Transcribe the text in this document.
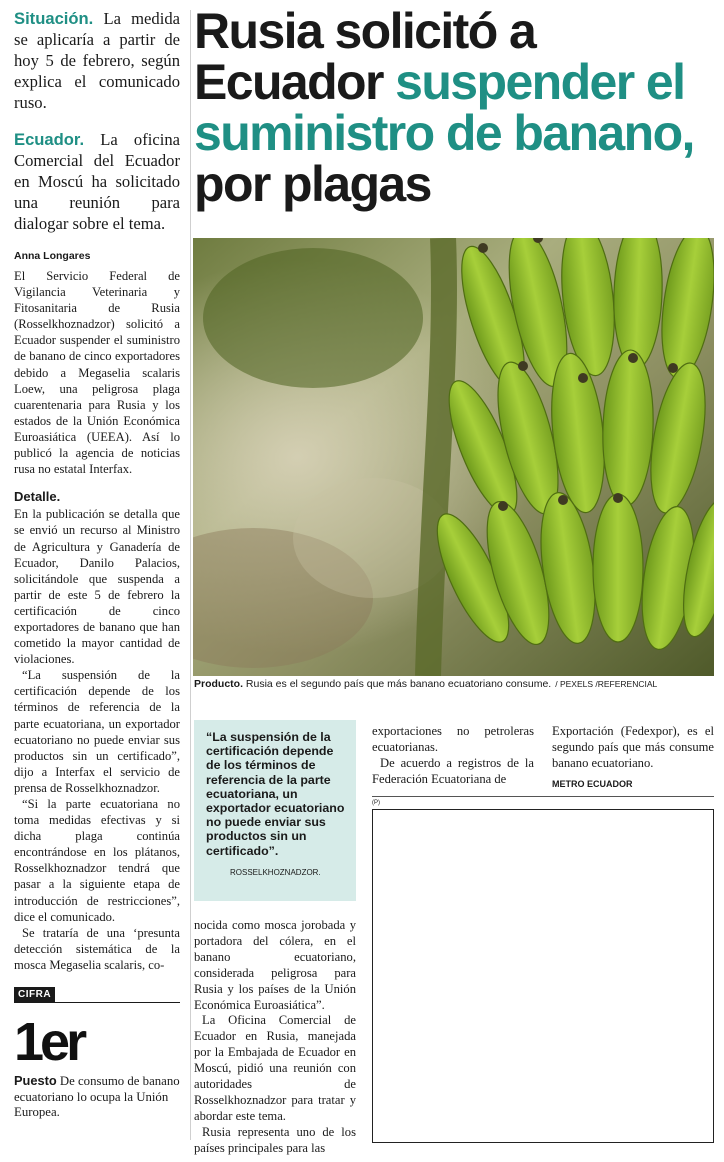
Situación. La medida se aplicaría a partir de hoy 5 de febrero, según explica el comunicado ruso.

Ecuador. La oficina Comercial del Ecuador en Moscú ha solicitado una reunión para dialogar sobre el tema.

Anna Longares

El Servicio Federal de Vigilancia Veterinaria y Fitosanitaria de Rusia (Rosselkhoznadzor) solicitó a Ecuador suspender el suministro de banano de cinco exportadores debido a Megaselia scalaris Loew, una peligrosa plaga cuarentenaria para Rusia y los estados de la Unión Económica Euroasiática (UEEA). Así lo publicó la agencia de noticias rusa no estatal Interfax.

Detalle.

En la publicación se detalla que se envió un recurso al Ministro de Agricultura y Ganadería de Ecuador, Danilo Palacios, solicitándole que suspenda a partir de este 5 de febrero la certificación de cinco exportadores de banano que han cometido la mayor cantidad de violaciones.

“La suspensión de la certificación depende de los términos de referencia de la parte ecuatoriana, un exportador ecuatoriano no puede enviar sus productos sin un certificado”, dijo a Interfax el servicio de prensa de Rosselkhoznadzor.

“Si la parte ecuatoriana no toma medidas efectivas y si dicha plaga continúa encontrándose en los plátanos, Rosselkhoznadzor tendrá que pasar a la siguiente etapa de introducción de restricciones”, dice el comunicado.

Se trataría de una ‘presunta detección sistemática de la mosca Megaselia scalaris, co-

CIFRA
1er

Puesto De consumo de banano ecuatoriano lo ocupa la Unión Europea.

Rusia solicitó a Ecuador suspender el suministro de banano, por plagas
Producto. Rusia es el segundo país que más banano ecuatoriano consume. / PEXELS /REFERENCIAL

“La suspensión de la certificación depende de los términos de referencia de la parte ecuatoriana, un exportador ecuatoriano no puede enviar sus productos sin un certificado”.

ROSSELKHOZNADZOR.

nocida como mosca jorobada y portadora del cólera, en el banano ecuatoriano, considerada peligrosa para Rusia y los países de la Unión Económica Euroasiática”.

La Oficina Comercial de Ecuador en Rusia, manejada por la Embajada de Ecuador en Moscú, pidió una reunión con autoridades de Rosselkhoznadzor para tratar y abordar este tema.

Rusia representa uno de los países principales para las

exportaciones no petroleras ecuatorianas.

De acuerdo a registros de la Federación Ecuatoriana de

Exportación (Fedexpor), es el segundo país que más consume banano ecuatoriano.

METRO ECUADOR
(P)
